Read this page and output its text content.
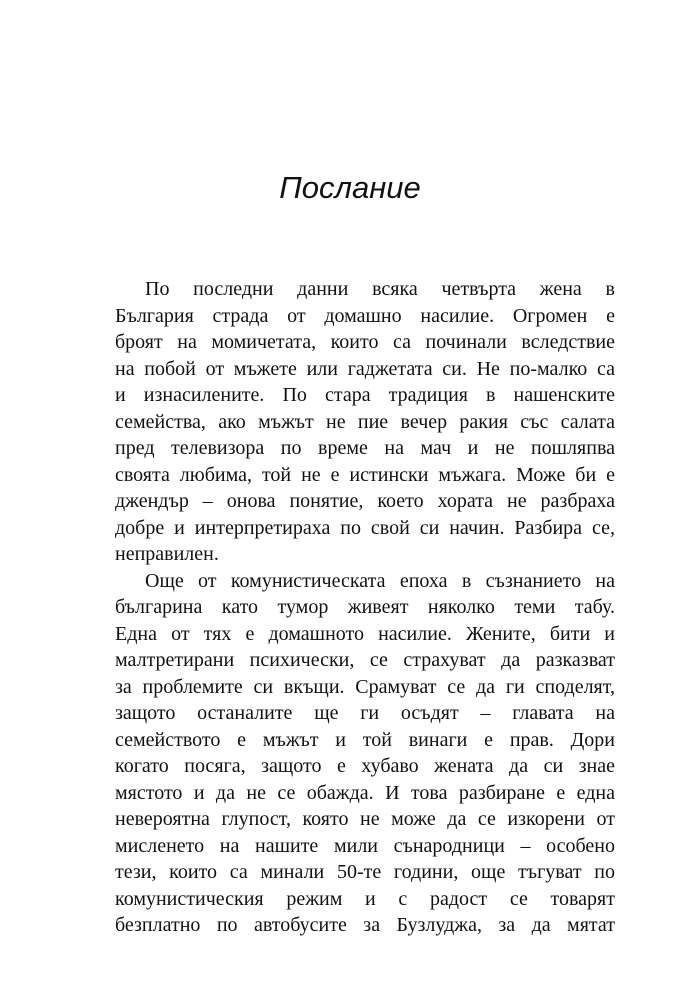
Послание
По последни данни всяка четвърта жена в
България страда от домашно насилие. Огромен е
броят на момичетата, които са починали вследствие
на побой от мъжете или гаджетата си. Не по-малко са
и изнасилените. По стара традиция в нашенските
семейства, ако мъжът не пие вечер ракия със салата
пред телевизора по време на мач и не пошляпва
своята любима, той не е истински мъжага. Може би е
джендър – онова понятие, което хората не разбраха
добре и интерпретираха по свой си начин. Разбира се,
неправилен.
Още от комунистическата епоха в съзнанието на
българина като тумор живеят няколко теми табу.
Една от тях е домашното насилие. Жените, бити и
малтретирани психически, се страхуват да разказват
за проблемите си вкъщи. Срамуват се да ги споделят,
защото останалите ще ги осъдят – главата на
семейството е мъжът и той винаги е прав. Дори
когато посяга, защото е хубаво жената да си знае
мястото и да не се обажда. И това разбиране е една
невероятна глупост, която не може да се изкорени от
мисленето на нашите мили сънародници – особено
тези, които са минали 50-те години, още тъгуват по
комунистическия режим и с радост се товарят
безплатно по автобусите за Бузлуджа, за да мятат
